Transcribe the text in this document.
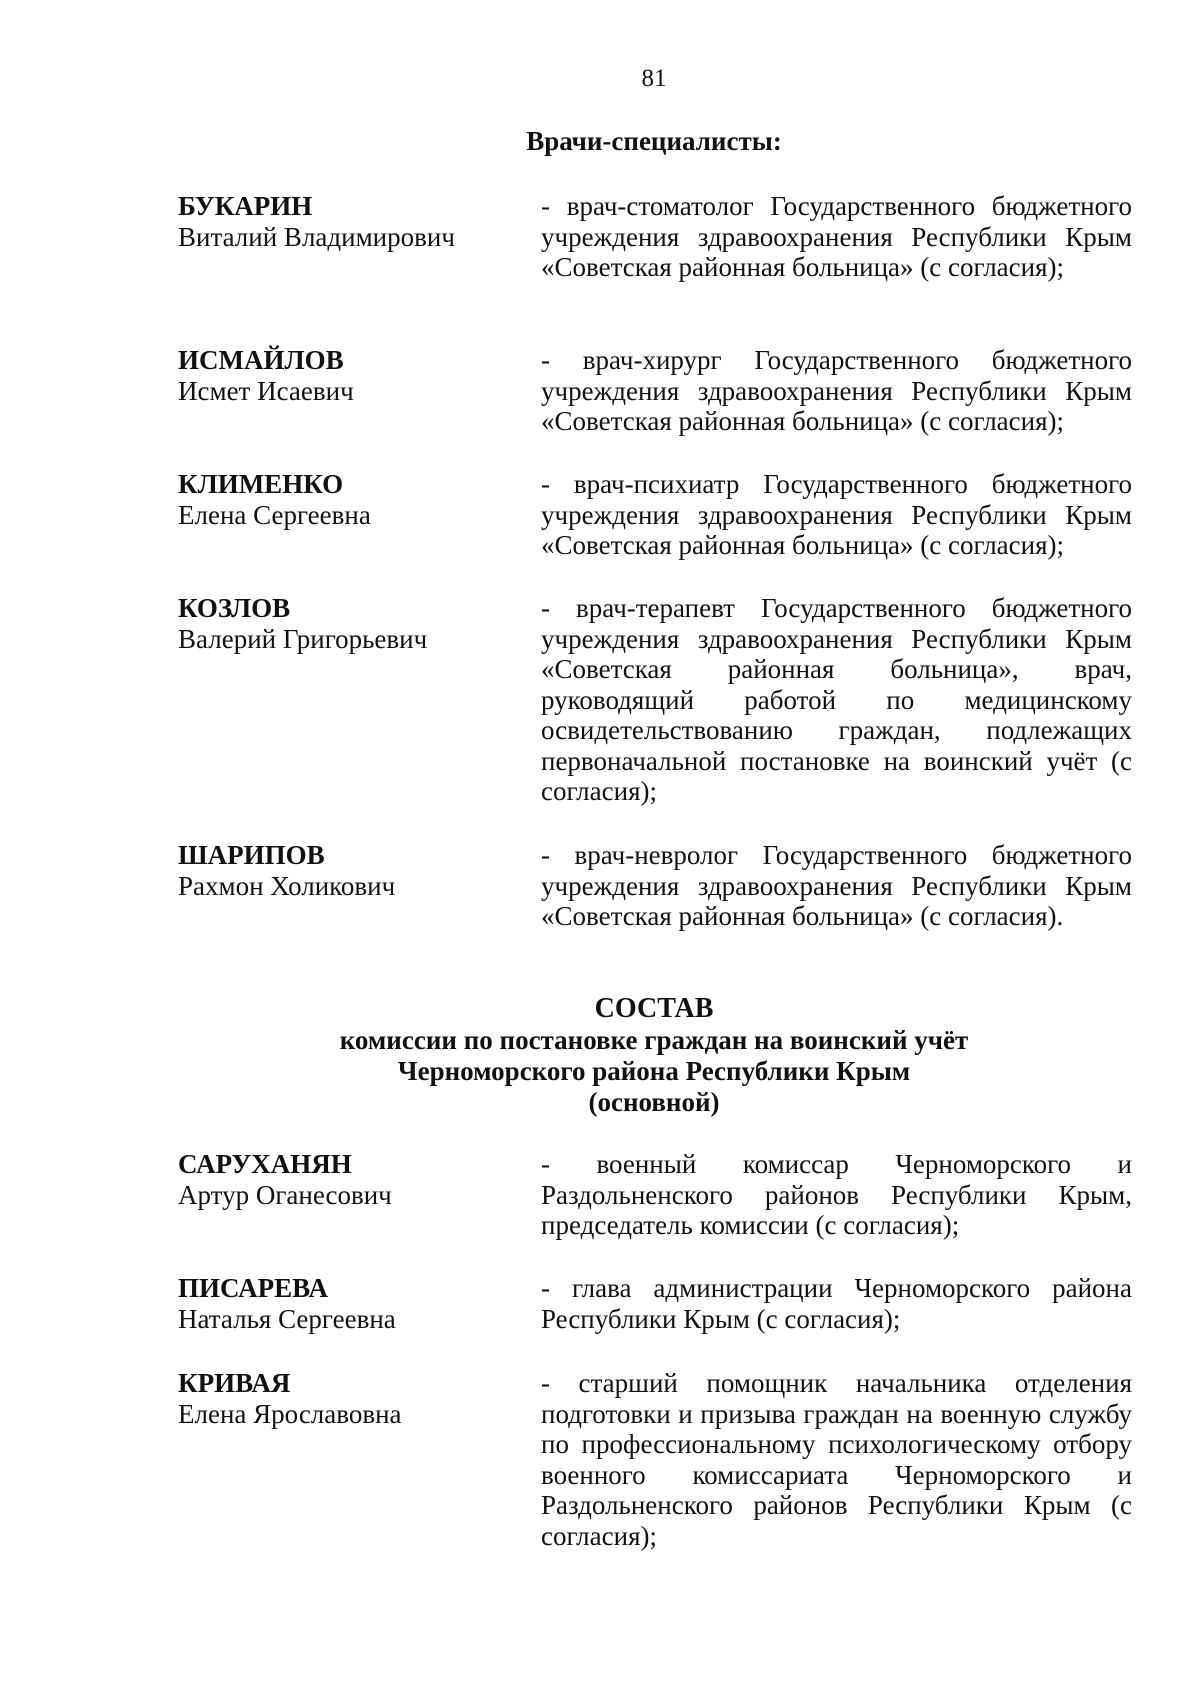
81
Врачи-специалисты:
БУКАРИН
Виталий Владимирович
- врач-стоматолог Государственного бюджетного учреждения здравоохранения Республики Крым «Советская районная больница» (с согласия);
ИСМАЙЛОВ
Исмет Исаевич
- врач-хирург Государственного бюджетного учреждения здравоохранения Республики Крым «Советская районная больница» (с согласия);
КЛИМЕНКО
Елена Сергеевна
- врач-психиатр Государственного бюджетного учреждения здравоохранения Республики Крым «Советская районная больница» (с согласия);
КОЗЛОВ
Валерий Григорьевич
- врач-терапевт Государственного бюджетного учреждения здравоохранения Республики Крым «Советская районная больница», врач, руководящий работой по медицинскому освидетельствованию граждан, подлежащих первоначальной постановке на воинский учёт (с согласия);
ШАРИПОВ
Рахмон Холикович
- врач-невролог Государственного бюджетного учреждения здравоохранения Республики Крым «Советская районная больница» (с согласия).
СОСТАВ
комиссии по постановке граждан на воинский учёт
Черноморского района Республики Крым
(основной)
САРУХАНЯН
Артур Оганесович
- военный комиссар Черноморского и Раздольненского районов Республики Крым, председатель комиссии (с согласия);
ПИСАРЕВА
Наталья Сергеевна
- глава администрации Черноморского района Республики Крым (с согласия);
КРИВАЯ
Елена Ярославовна
- старший помощник начальника отделения подготовки и призыва граждан на военную службу по профессиональному психологическому отбору военного комиссариата Черноморского и Раздольненского районов Республики Крым (с согласия);
